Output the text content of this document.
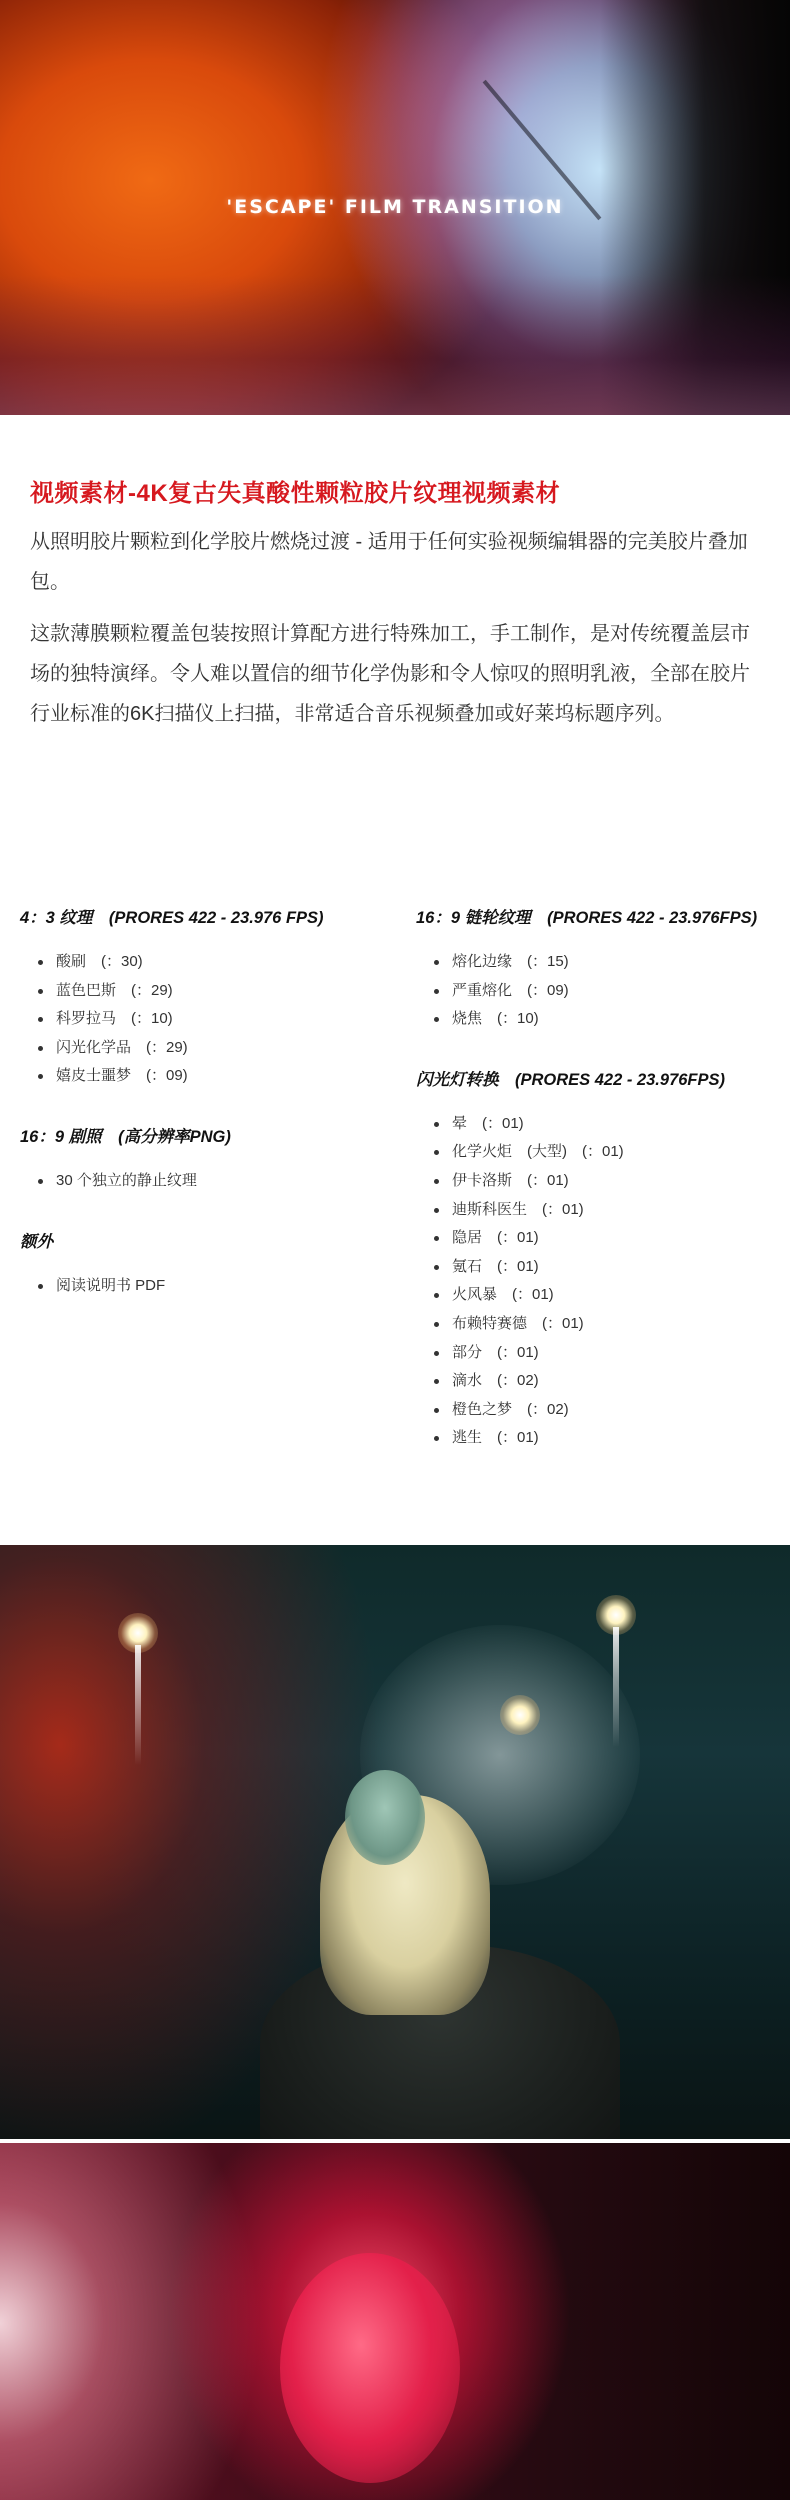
'ESCAPE' FILM TRANSITION
视频素材-4K复古失真酸性颗粒胶片纹理视频素材

从照明胶片颗粒到化学胶片燃烧过渡 - 适用于任何实验视频编辑器的完美胶片叠加包。

这款薄膜颗粒覆盖包装按照计算配方进行特殊加工，手工制作，是对传统覆盖层市场的独特演绎。令人难以置信的细节化学伪影和令人惊叹的照明乳液，全部在胶片行业标准的6K扫描仪上扫描，非常适合音乐视频叠加或好莱坞标题序列。

4：3 纹理　(PRORES 422 - 23.976 FPS)
酸刷　(：30)
蓝色巴斯　(：29)
科罗拉马　(：10)
闪光化学品　(：29)
嬉皮士噩梦　(：09)
16：9 剧照　(高分辨率PNG)
30 个独立的静止纹理
额外
阅读说明书 PDF
16：9 链轮纹理　(PRORES 422 - 23.976FPS)
熔化边缘　(：15)
严重熔化　(：09)
烧焦　(：10)
闪光灯转换　(PRORES 422 - 23.976FPS)
晕　(：01)
化学火炬　(大型)　(：01)
伊卡洛斯　(：01)
迪斯科医生　(：01)
隐居　(：01)
氪石　(：01)
火风暴　(：01)
布赖特赛德　(：01)
部分　(：01)
滴水　(：02)
橙色之梦　(：02)
逃生　(：01)
